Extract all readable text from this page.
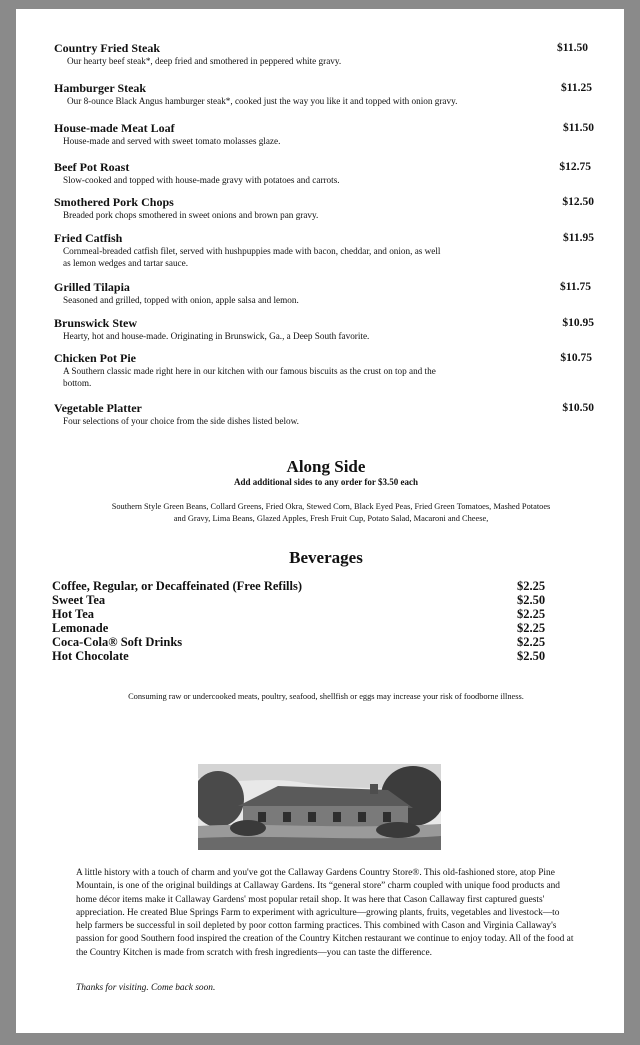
Country Fried Steak	$11.50
Our hearty beef steak*, deep fried and smothered in peppered white gravy.
Hamburger Steak	$11.25
Our 8-ounce Black Angus hamburger steak*, cooked just the way you like it and topped with onion gravy.
House-made Meat Loaf	$11.50
House-made and served with sweet tomato molasses glaze.
Beef Pot Roast	$12.75
Slow-cooked and topped with house-made gravy with potatoes and carrots.
Smothered Pork Chops	$12.50
Breaded pork chops smothered in sweet onions and brown pan gravy.
Fried Catfish	$11.95
Cornmeal-breaded catfish filet, served with hushpuppies made with bacon, cheddar, and onion, as well as lemon wedges and tartar sauce.
Grilled Tilapia	$11.75
Seasoned and grilled, topped with onion, apple salsa and lemon.
Brunswick Stew	$10.95
Hearty, hot and house-made. Originating in Brunswick, Ga., a Deep South favorite.
Chicken Pot Pie	$10.75
A Southern classic made right here in our kitchen with our famous biscuits as the crust on top and the bottom.
Vegetable Platter	$10.50
Four selections of your choice from the side dishes listed below.
Along Side
Add additional sides to any order for $3.50 each
Southern Style Green Beans, Collard Greens, Fried Okra, Stewed Corn, Black Eyed Peas, Fried Green Tomatoes, Mashed Potatoes and Gravy, Lima Beans, Glazed Apples, Fresh Fruit Cup, Potato Salad, Macaroni and Cheese,
Beverages
Coffee, Regular, or Decaffeinated (Free Refills)	$2.25
Sweet Tea	$2.50
Hot Tea	$2.25
Lemonade	$2.25
Coca-Cola® Soft Drinks	$2.25
Hot Chocolate	$2.50
Consuming raw or undercooked meats, poultry, seafood, shellfish or eggs may increase your risk of foodborne illness.
A little history with a touch of charm and you've got the Callaway Gardens Country Store®. This old-fashioned store, atop Pine Mountain, is one of the original buildings at Callaway Gardens. Its “general store” charm coupled with unique food products and home décor items make it Callaway Gardens' most popular retail shop. It was here that Cason Callaway first captured guests' appreciation. He created Blue Springs Farm to experiment with agriculture—growing plants, fruits, vegetables and livestock—to help farmers be successful in soil depleted by poor cotton farming practices. This combined with Cason and Virginia Callaway's passion for good Southern food inspired the creation of the Country Kitchen restaurant we continue to enjoy today. All of the food at the Country Kitchen is made from scratch with fresh ingredients—you can taste the difference.
Thanks for visiting. Come back soon.
